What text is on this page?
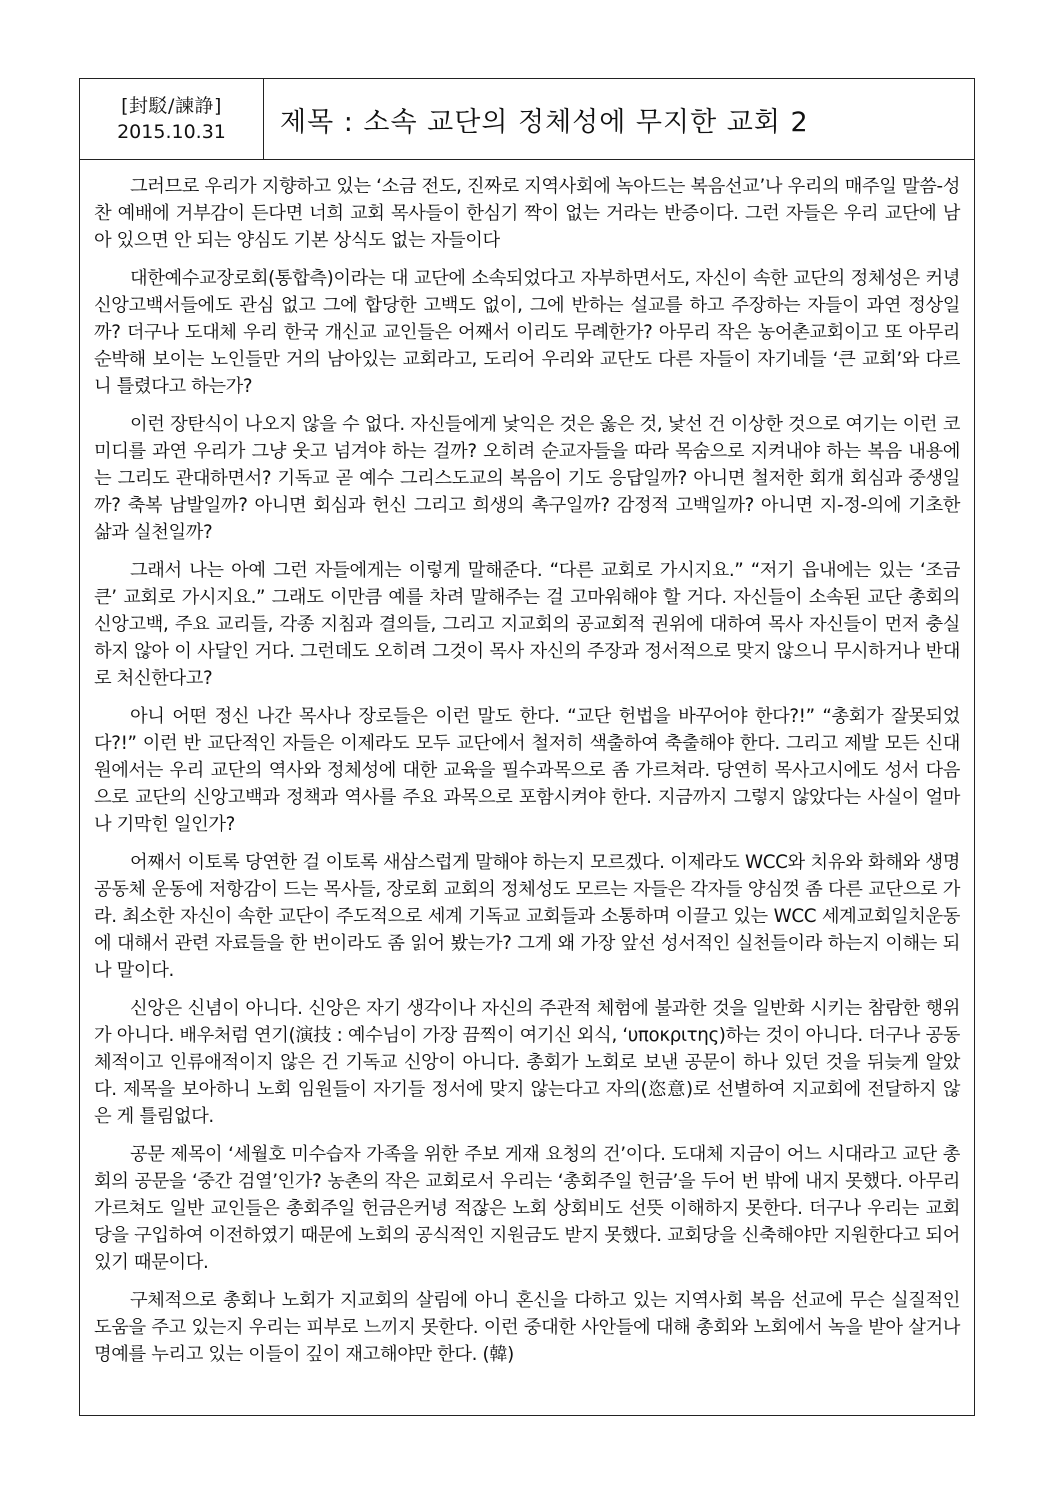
[封駁/諫諍]
2015.10.31 제목 : 소속 교단의 정체성에 무지한 교회 2

그러므로 우리가 지향하고 있는 ‘소금 전도, 진짜로 지역사회에 녹아드는 복음선교’나 우리의 매주일 말씀-성찬 예배에 거부감이 든다면 너희 교회 목사들이 한심기 짝이 없는 거라는 반증이다. 그런 자들은 우리 교단에 남아 있으면 안 되는 양심도 기본 상식도 없는 자들이다

대한예수교장로회(통합측)이라는 대 교단에 소속되었다고 자부하면서도, 자신이 속한 교단의 정체성은 커녕 신앙고백서들에도 관심 없고 그에 합당한 고백도 없이, 그에 반하는 설교를 하고 주장하는 자들이 과연 정상일까? 더구나 도대체 우리 한국 개신교 교인들은 어째서 이리도 무례한가? 아무리 작은 농어촌교회이고 또 아무리 순박해 보이는 노인들만 거의 남아있는 교회라고, 도리어 우리와 교단도 다른 자들이 자기네들 ‘큰 교회’와 다르니 틀렸다고 하는가?

이런 장탄식이 나오지 않을 수 없다. 자신들에게 낯익은 것은 옳은 것, 낯선 건 이상한 것으로 여기는 이런 코미디를 과연 우리가 그냥 웃고 넘겨야 하는 걸까? 오히려 순교자들을 따라 목숨으로 지켜내야 하는 복음 내용에는 그리도 관대하면서? 기독교 곧 예수 그리스도교의 복음이 기도 응답일까? 아니면 철저한 회개 회심과 중생일까? 축복 남발일까? 아니면 회심과 헌신 그리고 희생의 촉구일까? 감정적 고백일까? 아니면 지-정-의에 기초한 삶과 실천일까?

그래서 나는 아예 그런 자들에게는 이렇게 말해준다. “다른 교회로 가시지요.” “저기 읍내에는 있는 ‘조금 큰’ 교회로 가시지요.” 그래도 이만큼 예를 차려 말해주는 걸 고마워해야 할 거다. 자신들이 소속된 교단 총회의 신앙고백, 주요 교리들, 각종 지침과 결의들, 그리고 지교회의 공교회적 권위에 대하여 목사 자신들이 먼저 충실하지 않아 이 사달인 거다. 그런데도 오히려 그것이 목사 자신의 주장과 정서적으로 맞지 않으니 무시하거나 반대로 처신한다고?

아니 어떤 정신 나간 목사나 장로들은 이런 말도 한다. “교단 헌법을 바꾸어야 한다?!” “총회가 잘못되었다?!” 이런 반 교단적인 자들은 이제라도 모두 교단에서 철저히 색출하여 축출해야 한다. 그리고 제발 모든 신대원에서는 우리 교단의 역사와 정체성에 대한 교육을 필수과목으로 좀 가르쳐라. 당연히 목사고시에도 성서 다음으로 교단의 신앙고백과 정책과 역사를 주요 과목으로 포함시켜야 한다. 지금까지 그렇지 않았다는 사실이 얼마나 기막힌 일인가?

어째서 이토록 당연한 걸 이토록 새삼스럽게 말해야 하는지 모르겠다. 이제라도 WCC와 치유와 화해와 생명공동체 운동에 저항감이 드는 목사들, 장로회 교회의 정체성도 모르는 자들은 각자들 양심껏 좀 다른 교단으로 가라. 최소한 자신이 속한 교단이 주도적으로 세계 기독교 교회들과 소통하며 이끌고 있는 WCC 세계교회일치운동에 대해서 관련 자료들을 한 번이라도 좀 읽어 봤는가? 그게 왜 가장 앞선 성서적인 실천들이라 하는지 이해는 되나 말이다.

신앙은 신념이 아니다. 신앙은 자기 생각이나 자신의 주관적 체험에 불과한 것을 일반화 시키는 참람한 행위가 아니다. 배우처럼 연기(演技 : 예수님이 가장 끔찍이 여기신 외식, ‘υποκριτης)하는 것이 아니다. 더구나 공동체적이고 인류애적이지 않은 건 기독교 신앙이 아니다. 총회가 노회로 보낸 공문이 하나 있던 것을 뒤늦게 알았다. 제목을 보아하니 노회 임원들이 자기들 정서에 맞지 않는다고 자의(恣意)로 선별하여 지교회에 전달하지 않은 게 틀림없다.

공문 제목이 ‘세월호 미수습자 가족을 위한 주보 게재 요청의 건’이다. 도대체 지금이 어느 시대라고 교단 총회의 공문을 ‘중간 검열’인가? 농촌의 작은 교회로서 우리는 ‘총회주일 헌금’을 두어 번 밖에 내지 못했다. 아무리 가르쳐도 일반 교인들은 총회주일 헌금은커녕 적잖은 노회 상회비도 선뜻 이해하지 못한다. 더구나 우리는 교회당을 구입하여 이전하였기 때문에 노회의 공식적인 지원금도 받지 못했다. 교회당을 신축해야만 지원한다고 되어 있기 때문이다.

구체적으로 총회나 노회가 지교회의 살림에 아니 혼신을 다하고 있는 지역사회 복음 선교에 무슨 실질적인 도움을 주고 있는지 우리는 피부로 느끼지 못한다. 이런 중대한 사안들에 대해 총회와 노회에서 녹을 받아 살거나 명예를 누리고 있는 이들이 깊이 재고해야만 한다. (韓)
